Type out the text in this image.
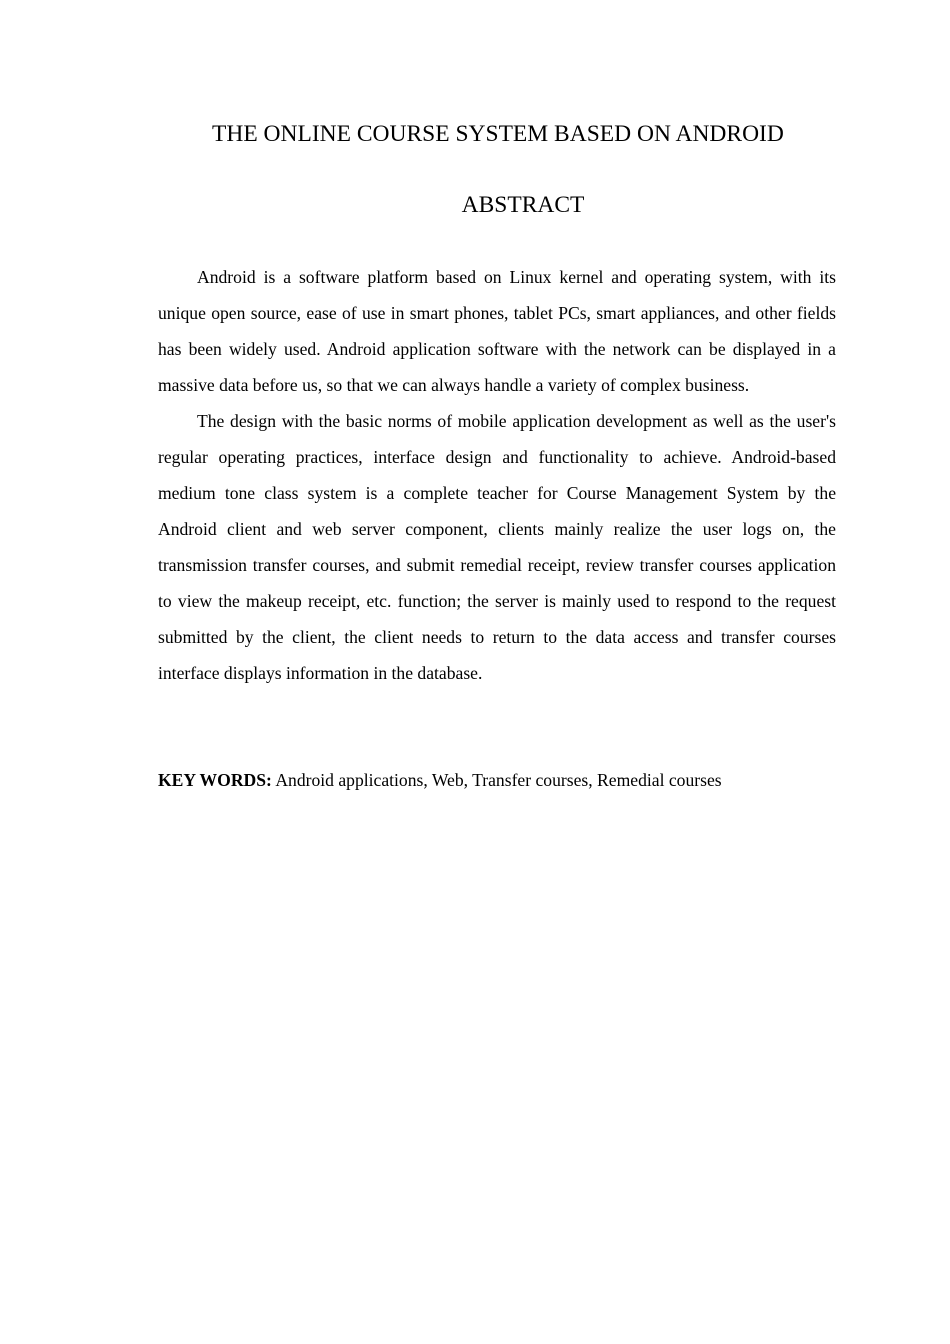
THE ONLINE COURSE SYSTEM BASED ON ANDROID
ABSTRACT

Android is a software platform based on Linux kernel and operating system, with its unique open source, ease of use in smart phones, tablet PCs, smart appliances, and other fields has been widely used. Android application software with the network can be displayed in a massive data before us, so that we can always handle a variety of complex business.

The design with the basic norms of mobile application development as well as the user's regular operating practices, interface design and functionality to achieve. Android-based medium tone class system is a complete teacher for Course Management System by the Android client and web server component, clients mainly realize the user logs on, the transmission transfer courses, and submit remedial receipt, review transfer courses application to view the makeup receipt, etc. function; the server is mainly used to respond to the request submitted by the client, the client needs to return to the data access and transfer courses interface displays information in the database.

KEY WORDS: Android applications, Web, Transfer courses, Remedial courses
